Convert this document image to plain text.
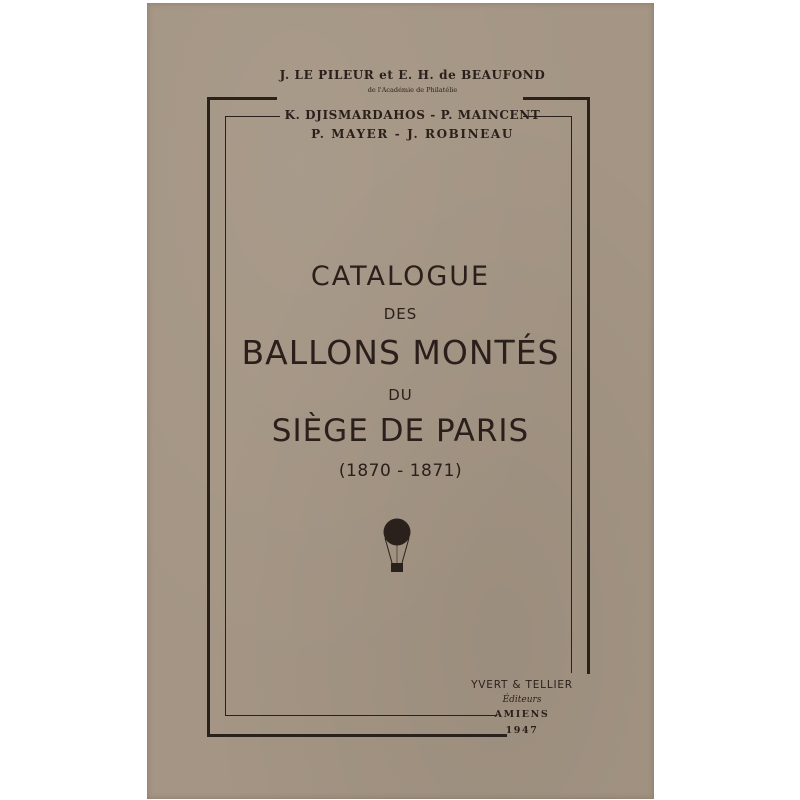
J. LE PILEUR et E. H. de BEAUFOND
de l'Académie de Philatélie
K. DJISMARDAHOS - P. MAINCENT
P. MAYER - J. ROBINEAU
CATALOGUE
DES
BALLONS MONTÉS
DU
SIÈGE DE PARIS
(1870 - 1871)
YVERT & TELLIER
Éditeurs
AMIENS
1947
